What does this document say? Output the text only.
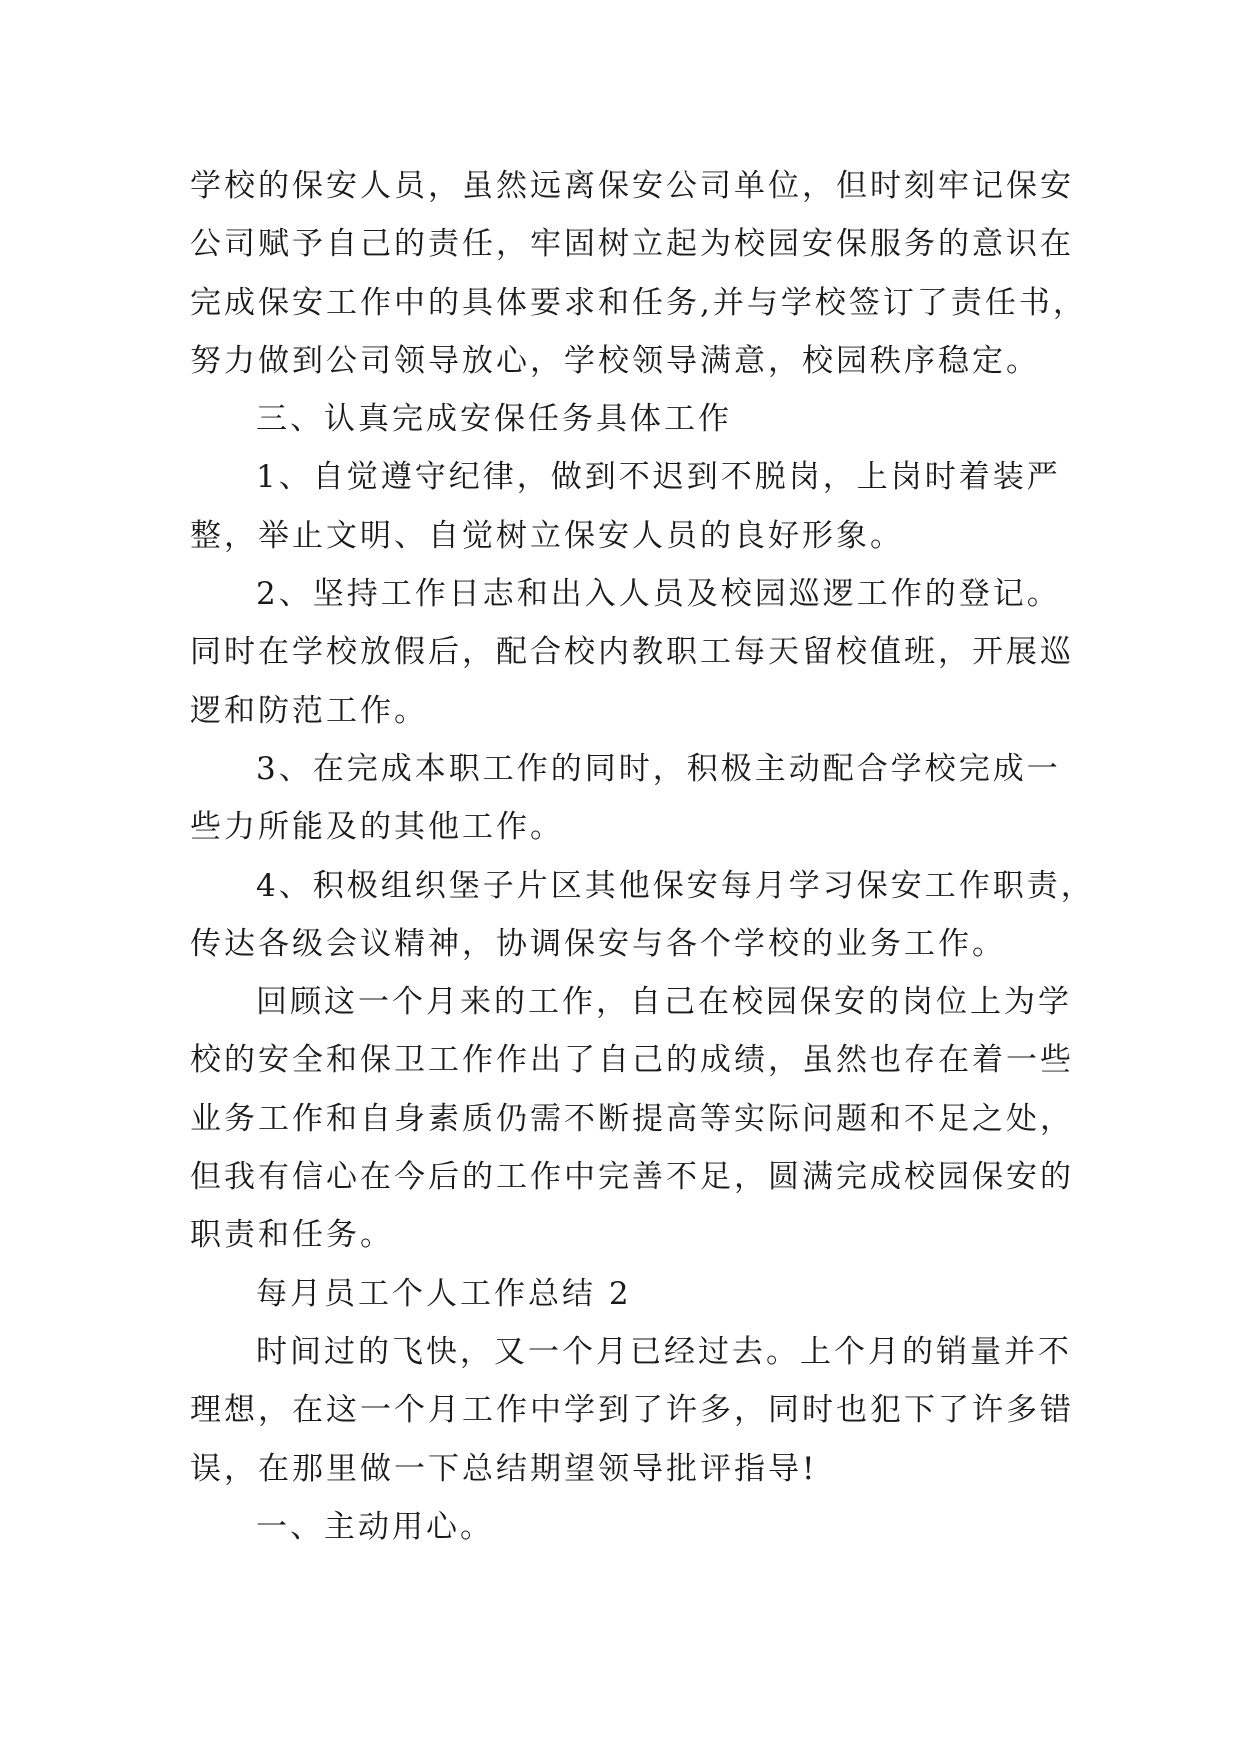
学校的保安人员，虽然远离保安公司单位，但时刻牢记保安
公司赋予自己的责任，牢固树立起为校园安保服务的意识在
完成保安工作中的具体要求和任务,并与学校签订了责任书，
努力做到公司领导放心，学校领导满意，校园秩序稳定。
三、认真完成安保任务具体工作
1、自觉遵守纪律，做到不迟到不脱岗，上岗时着装严
整，举止文明、自觉树立保安人员的良好形象。
2、坚持工作日志和出入人员及校园巡逻工作的登记。
同时在学校放假后，配合校内教职工每天留校值班，开展巡
逻和防范工作。
3、在完成本职工作的同时，积极主动配合学校完成一
些力所能及的其他工作。
4、积极组织堡子片区其他保安每月学习保安工作职责，
传达各级会议精神，协调保安与各个学校的业务工作。
回顾这一个月来的工作，自己在校园保安的岗位上为学
校的安全和保卫工作作出了自己的成绩，虽然也存在着一些
业务工作和自身素质仍需不断提高等实际问题和不足之处，
但我有信心在今后的工作中完善不足，圆满完成校园保安的
职责和任务。
每月员工个人工作总结 2
时间过的飞快，又一个月已经过去。上个月的销量并不
理想，在这一个月工作中学到了许多，同时也犯下了许多错
误，在那里做一下总结期望领导批评指导!
一、主动用心。
